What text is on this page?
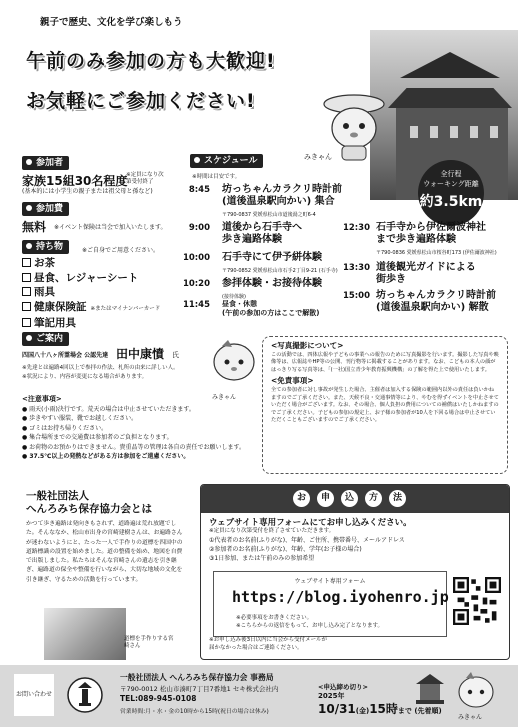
親子で歴史、文化を学び楽しもう
午前のみ参加の方も大歓迎!
お気軽にご参加ください!
みきゃん
全行程
ウォーキング距離
約3.5km
参加者
家族15組30名程度
※定員になり次第受付終了
(基本的には小学生の親子または祖父母と孫など)
参加費
無料 ※イベント保険は当会で加入いたします。
持ち物	※ご自身でご用意ください。
お茶
昼食、レジャーシート
雨具
健康保険証 ※またはマイナンバーカード
筆記用具
スケジュール
※時間は目安です。
8:45 坊っちゃんカラクリ時計前
(道後温泉駅向かい) 集合
〒790-0837 愛媛県松山市道後湯之町6-4
9:00 道後から石手寺へ
歩き遍路体験
10:00 石手寺にて伊予絣体験
〒790-0852 愛媛県松山市石手2丁目9-21 (石手寺)
10:20 参拝体験・お接待体験
(接待体験)
11:45 昼食・休憩
(午前の参加の方はここで解散)
12:30 石手寺から伊佐爾波神社
まで歩き遍路体験
〒790-0836 愛媛県松山市桜谷町173 (伊佐爾波神社)
13:30 道後観光ガイドによる
街歩き
15:00 坊っちゃんカラクリ時計前
(道後温泉駅向かい) 解散
ご案内
四国八十八ヶ所霊場会 公認先達 田中康憤 氏
※先達とは遍路4回以上で参拝の作法、札所の由来に詳しい人。
※状況により、内容が変更になる場合があります。
<注意事項>
● 雨天(小雨)決行です。荒天の場合は中止させていただきます。
● 歩きやすい服装、靴でお越しください。
● ゴミはお持ち帰りください。
● 集合場所までの交通費は参加者のご負担となります。
● お荷物のお預かりはできません。貴重品等の管理は各自の責任でお願いします。
● 37.5℃以上の発熱などがある方は参加をご遠慮ください。
みきゃん
<写真撮影について>
この活動では、四体広報や子どもの事業への報告のために写真撮影を行います。撮影した写真や映像等は、広報誌やHP等の公開、刊行物等に掲載することがあります。なお、こどもの本人の顔がはっきり写る写真等は、「(一社)国立青少年教育振興機構」の了解を得た上で使用いたします。
<免責事項>
全ての参加者に対し事故が発生した場合、主催者は加入する保険の範囲内以外の責任は負いかねますのでご了承ください。また、天候不良・交通事情等により、やむを得ずイベントを中止させていただく場合がございます。なお、その場合、個人負担の費用についての補償はいたしかねますのでご了承ください。子どもの参加の規定上、お子様の参加者が10人を下回る場合は中止させていただくこともございますのでご了承ください。
一般社団法人
へんろみち保存協力会とは
かつて歩き遍路は発向きもされず、道路遍は荒れ放題でした。そんななか、松山市出身の宮崎建樹さんは、お遍路さんが迷わないようにと、たった一人で手作りの道標を四国中の道路標識の設置を始めました。道の整備を始め、地図を自費で出版しました。私たちはそんな宮崎さんの遺志を引き継ぎ、遍路道の保全や整備を行いながら、大切な地域の文化を引き継ぎ、守るための活動を行っています。
道標を手作りする宮崎さん
お	申	込	方	法
ウェブサイト専用フォームにてお申し込みください。
※定員になり次第受付を終了させていただきます。
①代表者のお名前(ふりがな)、年齢、ご住所、携帯番号、メールアドレス
②参加者のお名前(ふりがな)、年齢、学年(お子様の場合)
③1日参加、または午前のみの参加希望
ウェブサイト専用フォーム
https://blog.iyohenro.jp
※必要事項をお書きください。
※こちらからの返信をもって、お申し込み完了となります。
※お申し込み後3日以内に当会から受付メールが
届かなかった場合はご連絡ください。
お問い合わせ
一般社団法人 へんろみち保存協力会 事務局
〒790-0012 松山市湊町7丁目7番地1 セキ株式会社内
TEL:089-945-0108
営業時間:月・水・金の10時から15時(祝日の場合は休み)
<申込締め切り>
2025年
10/31(金)15時まで (先着順)
みきゃん
